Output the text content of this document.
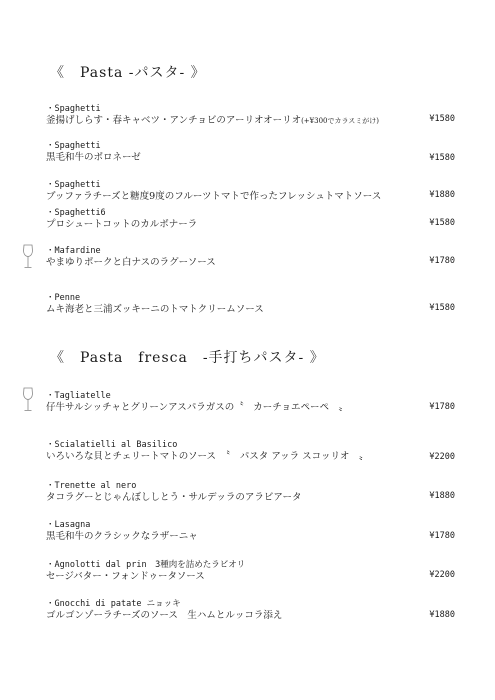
《　Pasta -パスタ- 》
・Spaghetti
釜揚げしらす・春キャベツ・アンチョビのアーリオオーリオ(+¥300でカラスミがけ)	¥1580
・Spaghetti
黒毛和牛のボロネーゼ	¥1580
・Spaghetti
ブッファラチーズと糖度9度のフルーツトマトで作ったフレッシュトマトソース	¥1880
・Spaghetti6
プロシュートコットのカルボナーラ	¥1580
・Mafardine
やまゆりポークと白ナスのラグーソース	¥1780
・Penne
ムキ海老と三浦ズッキーニのトマトクリームソース	¥1580
《　Pasta　fresca　-手打ちパスタ- 》
・Tagliatelle
仔牛サルシッチャとグリーンアスパラガスの〝　カーチョエペーペ　〟	¥1780
・Scialatielli al Basilico
いろいろな貝とチェリートマトのソース　〝　パスタ アッラ スコッリオ　〟	¥2200
・Trenette al nero
タコラグーとじゃんぼししとう・サルデッラのアラビアータ	¥1880
・Lasagna
黒毛和牛のクラシックなラザーニャ	¥1780
・Agnolotti dal prin　3種肉を詰めたラビオリ
セージバター・フォンドゥータソース	¥2200
・Gnocchi di patate ニョッキ
ゴルゴンゾーラチーズのソース　生ハムとルッコラ添え	¥1880
